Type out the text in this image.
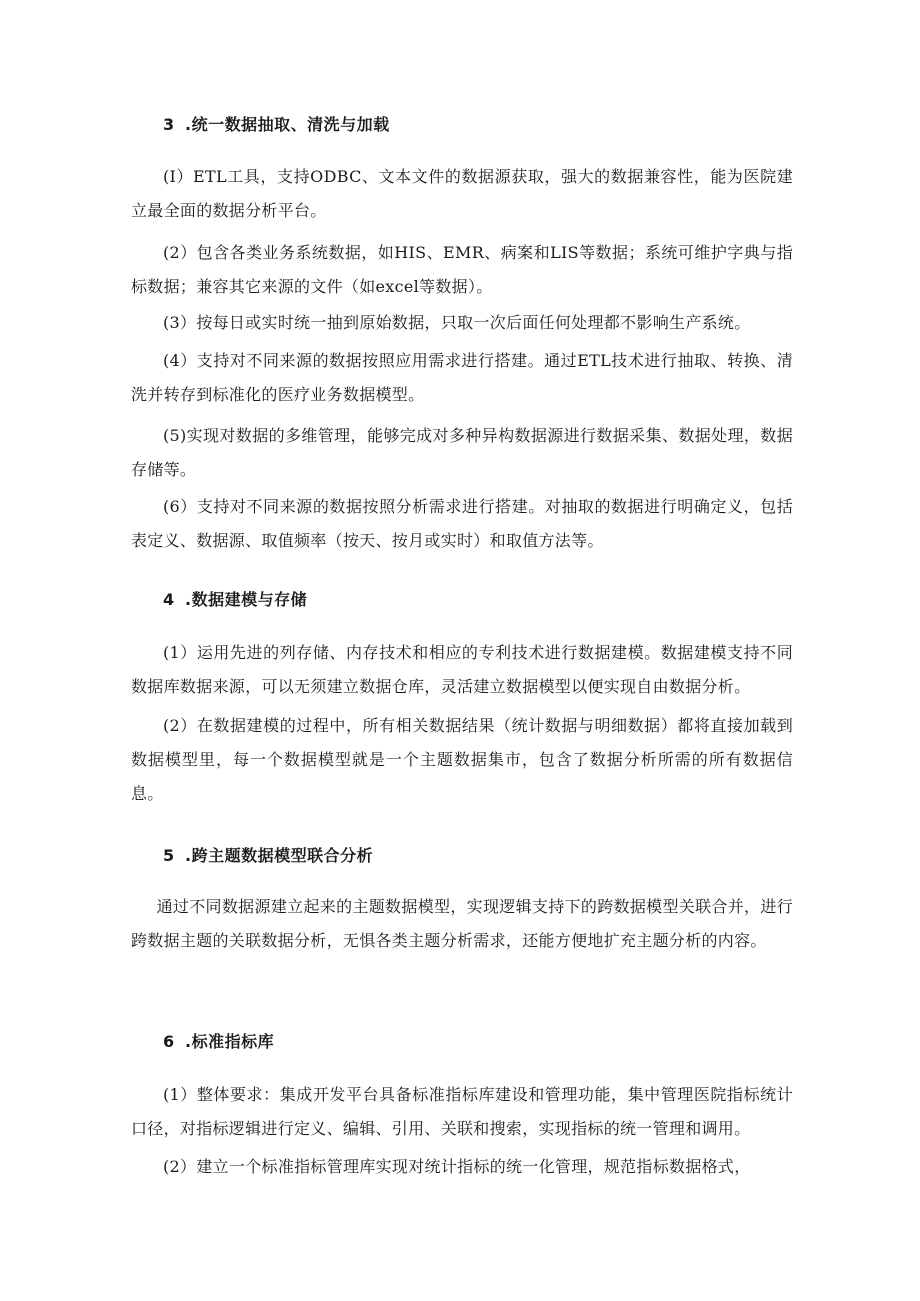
3 .统一数据抽取、清洗与加载

(I）ETL工具，支持ODBC、文本文件的数据源获取，强大的数据兼容性，能为医院建立最全面的数据分析平台。

(2）包含各类业务系统数据，如HIS、EMR、病案和LIS等数据；系统可维护字典与指标数据；兼容其它来源的文件（如excel等数据）。

(3）按每日或实时统一抽到原始数据，只取一次后面任何处理都不影响生产系统。

(4）支持对不同来源的数据按照应用需求进行搭建。通过ETL技术进行抽取、转换、清洗并转存到标准化的医疗业务数据模型。

(5)实现对数据的多维管理，能够完成对多种异构数据源进行数据采集、数据处理，数据存储等。

(6）支持对不同来源的数据按照分析需求进行搭建。对抽取的数据进行明确定义，包括表定义、数据源、取值频率（按天、按月或实时）和取值方法等。

4 .数据建模与存储

(1）运用先进的列存储、内存技术和相应的专利技术进行数据建模。数据建模支持不同数据库数据来源，可以无须建立数据仓库，灵活建立数据模型以便实现自由数据分析。

(2）在数据建模的过程中，所有相关数据结果（统计数据与明细数据）都将直接加载到数据模型里，每一个数据模型就是一个主题数据集市，包含了数据分析所需的所有数据信息。

5 .跨主题数据模型联合分析

通过不同数据源建立起来的主题数据模型，实现逻辑支持下的跨数据模型关联合并，进行跨数据主题的关联数据分析，无惧各类主题分析需求，还能方便地扩充主题分析的内容。

6 .标准指标库

(1）整体要求：集成开发平台具备标准指标库建设和管理功能，集中管理医院指标统计口径，对指标逻辑进行定义、编辑、引用、关联和搜索，实现指标的统一管理和调用。

(2）建立一个标准指标管理库实现对统计指标的统一化管理，规范指标数据格式，
